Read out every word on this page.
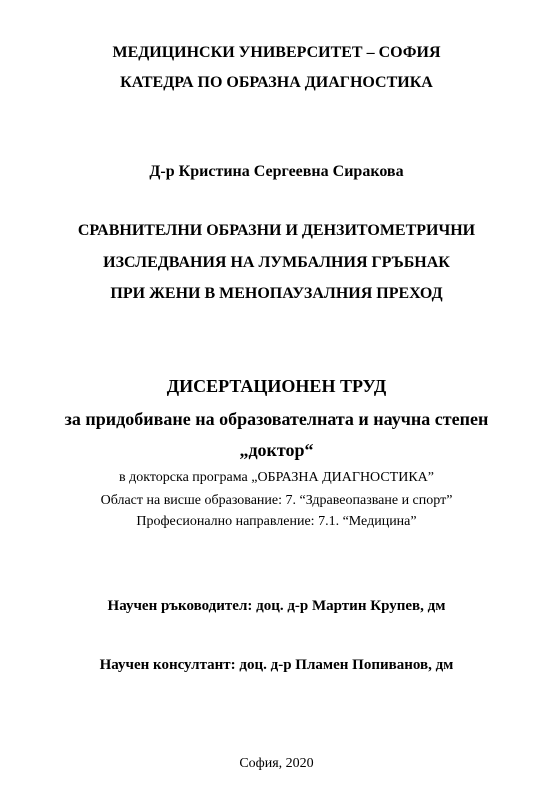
МЕДИЦИНСКИ УНИВЕРСИТЕТ – СОФИЯ
КАТЕДРА ПО ОБРАЗНА ДИАГНОСТИКА
Д-р Кристина Сергеевна Сиракова
СРАВНИТЕЛНИ ОБРАЗНИ И ДЕНЗИТОМЕТРИЧНИ
ИЗСЛЕДВАНИЯ НА ЛУМБАЛНИЯ ГРЪБНАК
ПРИ ЖЕНИ В МЕНОПАУЗАЛНИЯ ПРЕХОД
ДИСЕРТАЦИОНЕН ТРУД
за придобиване на образователната и научна степен
„доктор“
в докторска програма „ОБРАЗНА ДИАГНОСТИКА”
Област на висше образование: 7. “Здравеопазване и спорт”
Професионално направление: 7.1. “Медицина”
Научен ръководител: доц. д-р Мартин Крупев, дм
Научен консултант: доц. д-р Пламен Попиванов, дм
София, 2020
